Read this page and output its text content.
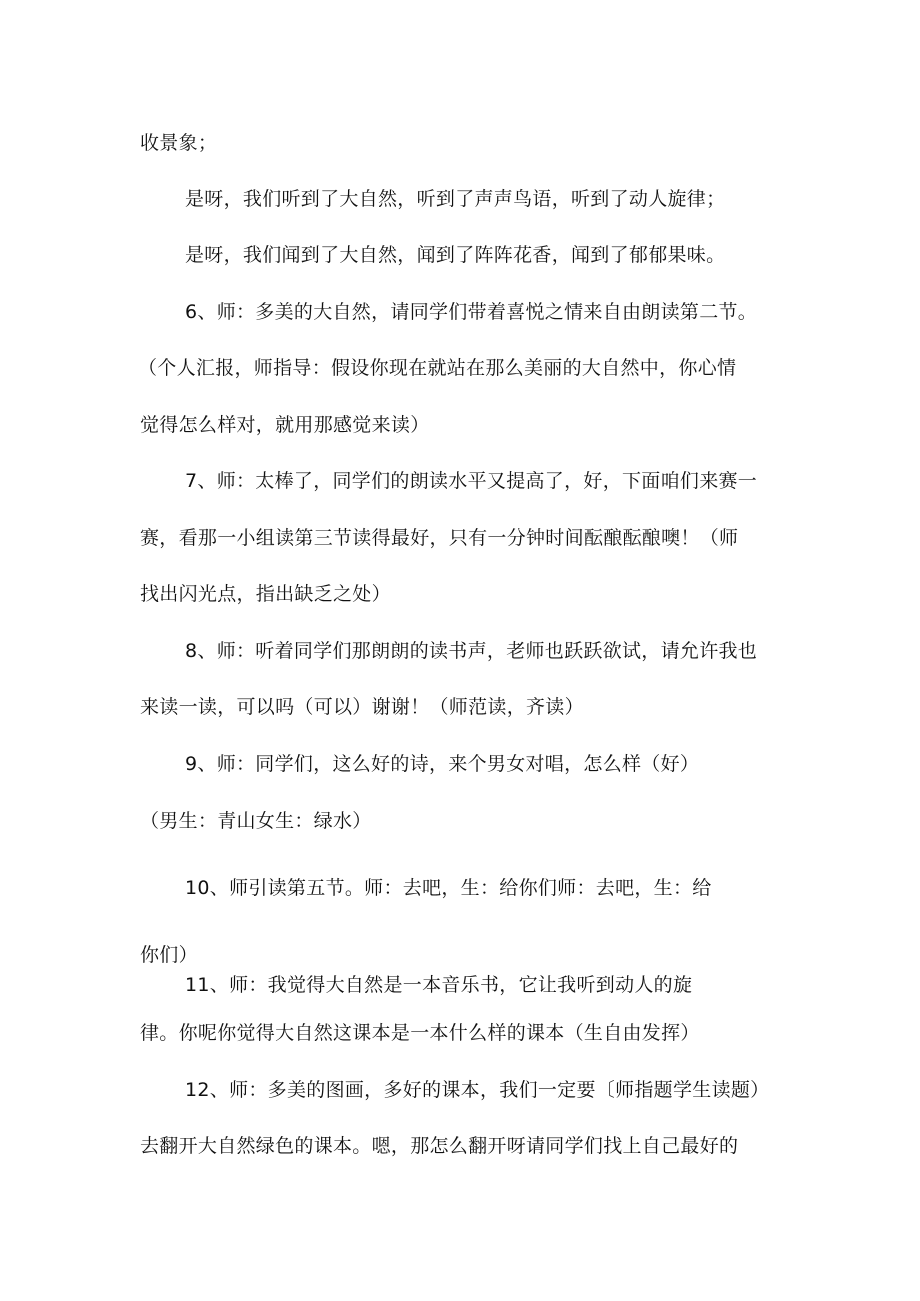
收景象；
是呀，我们听到了大自然，听到了声声鸟语，听到了动人旋律；
是呀，我们闻到了大自然，闻到了阵阵花香，闻到了郁郁果味。
6、师：多美的大自然，请同学们带着喜悦之情来自由朗读第二节。
（个人汇报，师指导：假设你现在就站在那么美丽的大自然中，你心情
觉得怎么样对，就用那感觉来读）
7、师：太棒了，同学们的朗读水平又提高了，好，下面咱们来赛一
赛，看那一小组读第三节读得最好，只有一分钟时间酝酿酝酿噢！（师
找出闪光点，指出缺乏之处）
8、师：听着同学们那朗朗的读书声，老师也跃跃欲试，请允许我也
来读一读，可以吗（可以）谢谢！（师范读，齐读）
9、师：同学们，这么好的诗，来个男女对唱，怎么样（好）
（男生：青山女生：绿水）
10、师引读第五节。师：去吧，生：给你们师：去吧，生：给
你们）
11、师：我觉得大自然是一本音乐书，它让我听到动人的旋
律。你呢你觉得大自然这课本是一本什么样的课本（生自由发挥）
12、师：多美的图画，多好的课本，我们一定要〔师指题学生读题）
去翻开大自然绿色的课本。嗯，那怎么翻开呀请同学们找上自己最好的
